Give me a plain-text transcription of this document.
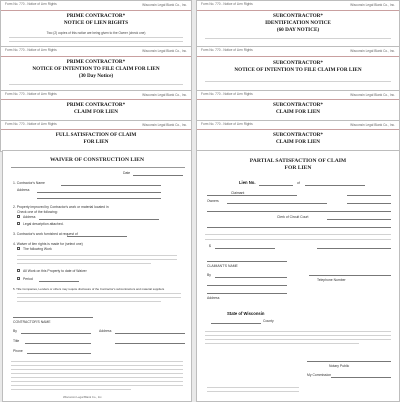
Form No. 770 - Notice of Lien Rights	Wisconsin Legal Blank Co., Inc.
PRIME CONTRACTOR*
NOTICE OF LIEN RIGHTS
Two (2) copies of this notice are being given to the Owner (check one)
Form No. 770 - Notice of Lien Rights	Wisconsin Legal Blank Co., Inc.
PRIME CONTRACTOR*
NOTICE OF INTENTION TO FILE CLAIM FOR LIEN
(30 Day Notice)
Form No. 770 - Notice of Lien Rights	Wisconsin Legal Blank Co., Inc.
PRIME CONTRACTOR*
CLAIM FOR LIEN
Form No. 770 - Notice of Lien Rights	Wisconsin Legal Blank Co., Inc.
FULL SATISFACTION OF CLAIM
FOR LIEN
Form No. 770 - Notice of Lien Rights	Wisconsin Legal Blank Co., Inc.
SUBCONTRACTOR*
IDENTIFICATION NOTICE
(60 DAY NOTICE)
Form No. 770 - Notice of Lien Rights	Wisconsin Legal Blank Co., Inc.
SUBCONTRACTOR*
NOTICE OF INTENTION TO FILE CLAIM FOR LIEN
Form No. 770 - Notice of Lien Rights	Wisconsin Legal Blank Co., Inc.
SUBCONTRACTOR*
CLAIM FOR LIEN
Form No. 770 - Notice of Lien Rights	Wisconsin Legal Blank Co., Inc.
SUBCONTRACTOR*
CLAIM FOR LIEN
WAIVER OF CONSTRUCTION LIEN
Date
1. Contractor's Name
Address
2. Property improved by Contractor's work or material located in
Check one of the following:
Address
Legal description attached.
3. Contractor's work furnished at request of
4. Waiver of lien rights is made for (select one)
The following Work
All Work on this Property to date of Waiver
Period
5. Title Companies, Lenders or others may require disclosure of the Contractor's subcontractors and material suppliers
CONTRACTOR'S NAME
By	Address
Title
Phone
Wisconsin Legal Blank Co., Inc.
PARTIAL SATISFACTION OF CLAIM
FOR LIEN
Lien No.	of
Claimant
Owners
Clerk of Circuit Court
$
CLAIMANT'S NAME
By
Address
Telephone Number
State of Wisconsin
County
Notary Public
My Commission
